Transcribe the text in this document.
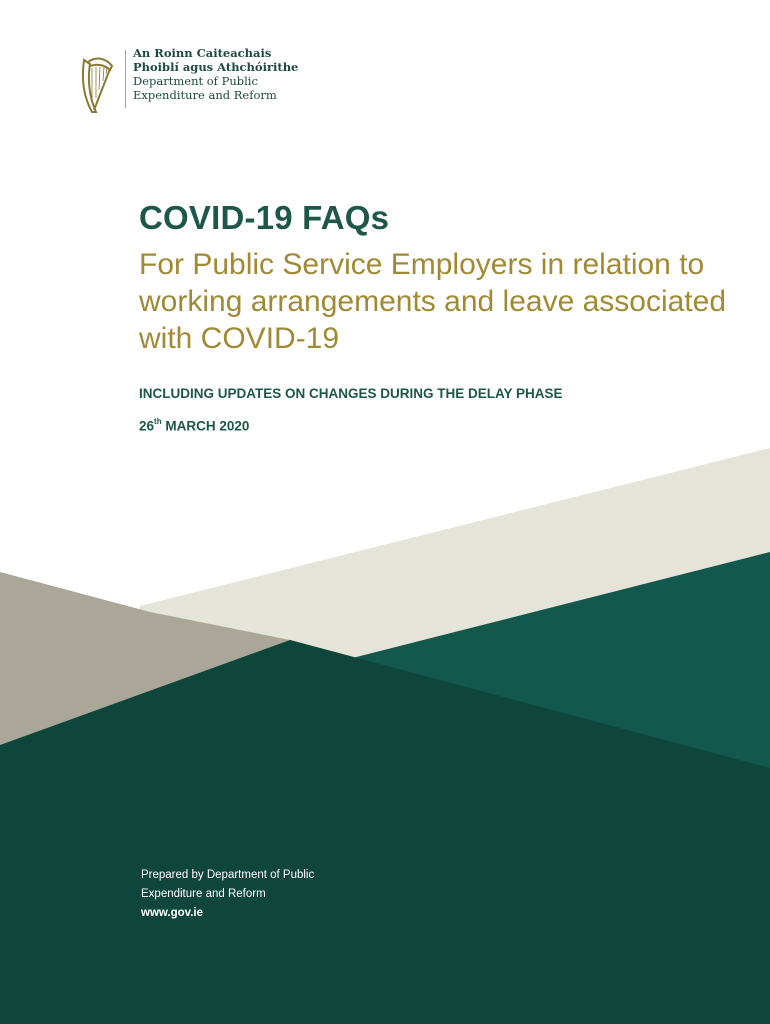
An Roinn Caiteachais
Phoiblí agus Athchóirithe
Department of Public
Expenditure and Reform
COVID-19 FAQs
For Public Service Employers in relation to working arrangements and leave associated with COVID-19
INCLUDING UPDATES ON CHANGES DURING THE DELAY PHASE
26th MARCH 2020
Prepared by Department of Public
Expenditure and Reform
www.gov.ie
